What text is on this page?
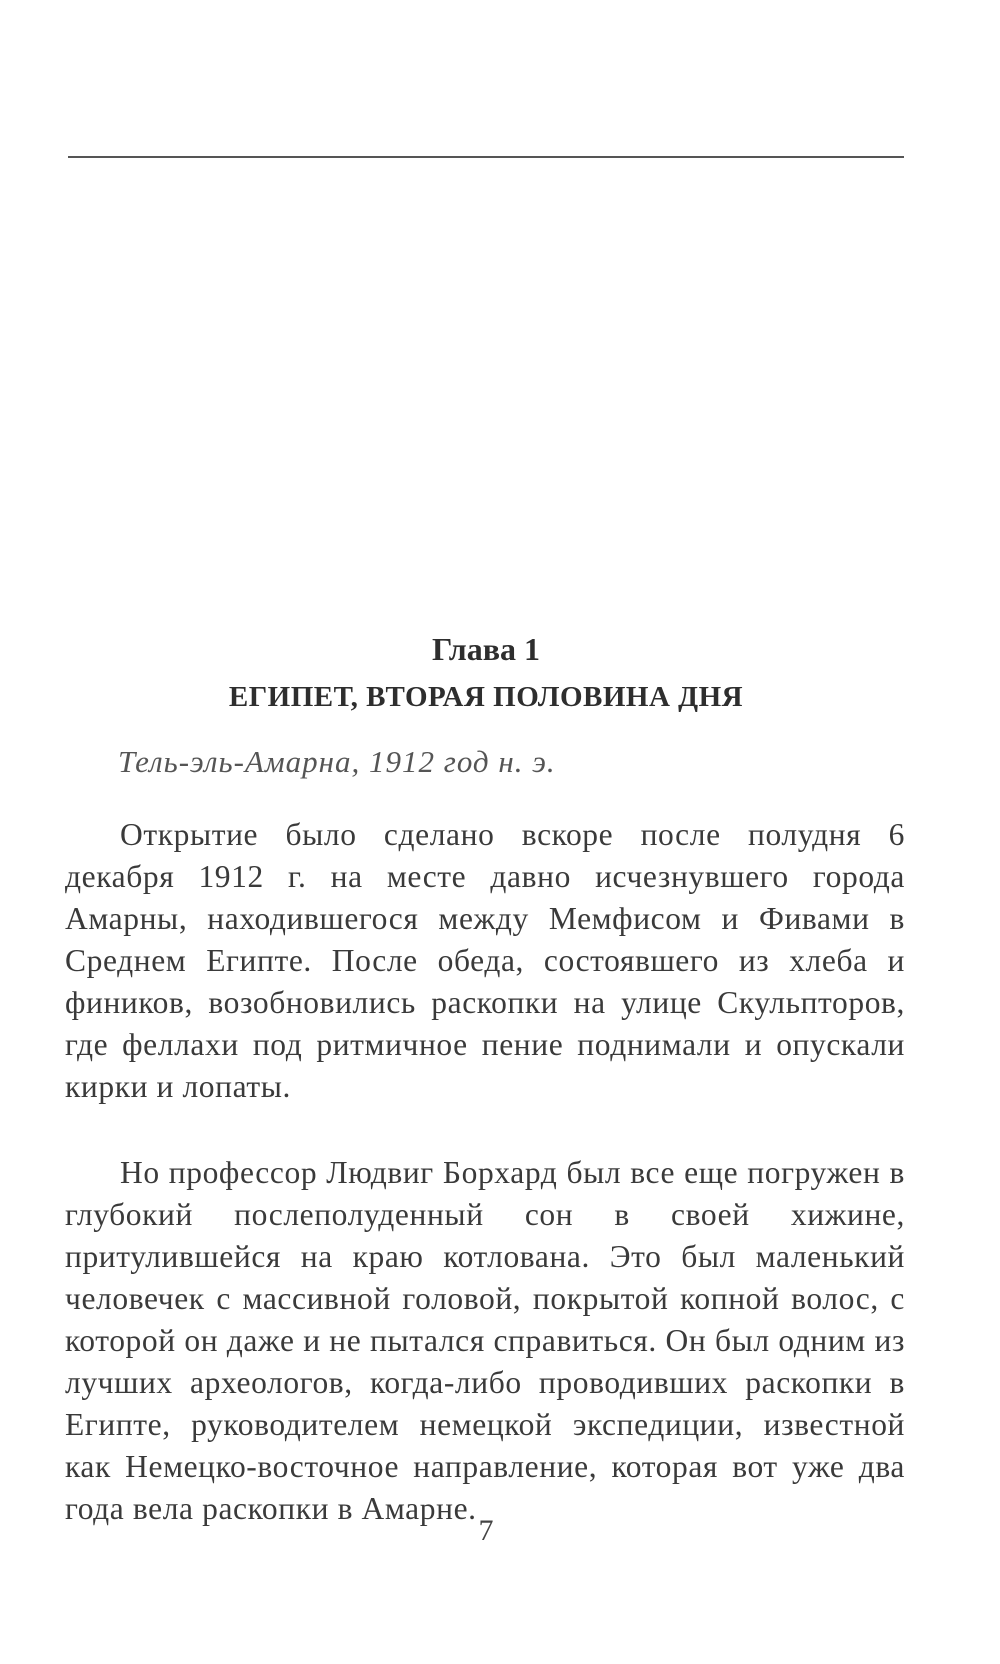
Глава 1
ЕГИПЕТ, ВТОРАЯ ПОЛОВИНА ДНЯ
Тель-эль-Амарна, 1912 год н. э.

Открытие было сделано вскоре после полудня 6 декабря 1912 г. на месте давно исчезнувшего города Амарны, находившегося между Мемфисом и Фивами в Среднем Египте. После обеда, состоявшего из хлеба и фиников, возобновились раскопки на улице Скульпторов, где феллахи под ритмичное пение поднимали и опускали кирки и лопаты.

Но профессор Людвиг Борхард был все еще погружен в глубокий послеполуденный сон в своей хижине, притулившейся на краю котлована. Это был маленький человечек с массивной головой, покрытой копной волос, с которой он даже и не пытался справиться. Он был одним из лучших археологов, когда-либо проводивших раскопки в Египте, руководителем немецкой экспедиции, известной как Немецко-восточное направление, которая вот уже два года вела раскопки в Амарне.

7
